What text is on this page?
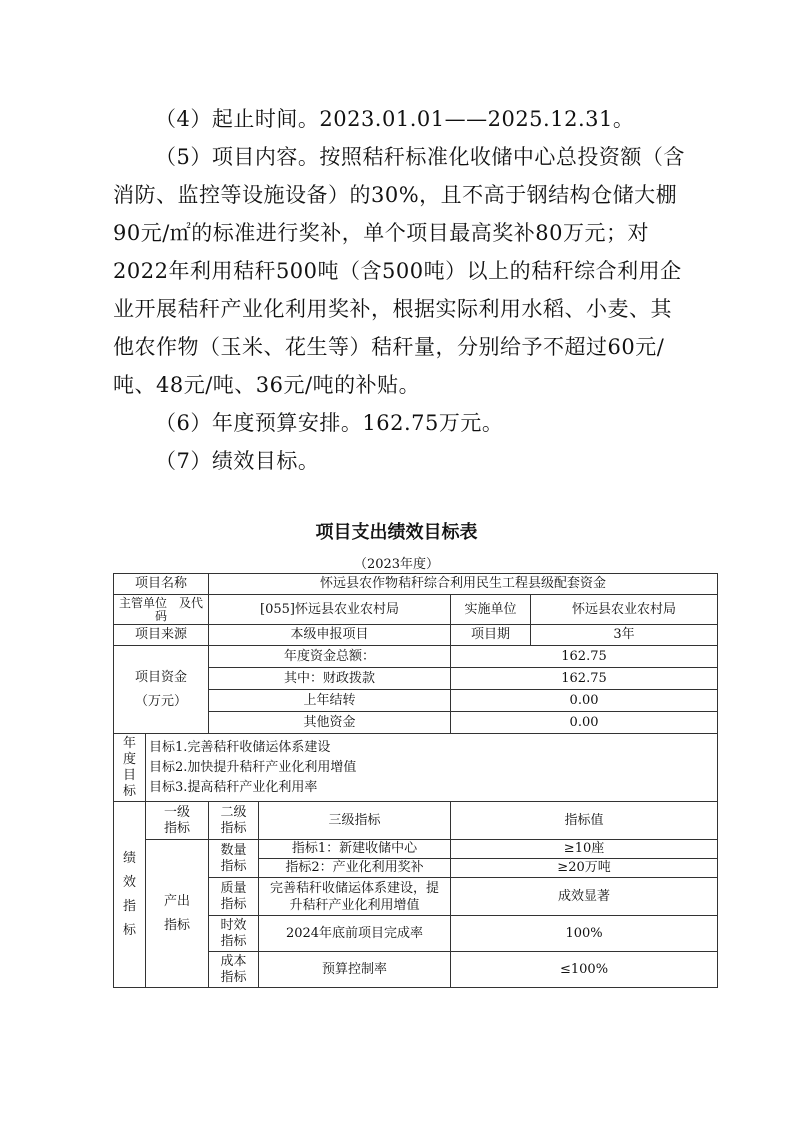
（4）起止时间。2023.01.01——2025.12.31。

（5）项目内容。按照秸秆标准化收储中心总投资额（含消防、监控等设施设备）的30%，且不高于钢结构仓储大棚90元/㎡的标准进行奖补，单个项目最高奖补80万元；对2022年利用秸秆500吨（含500吨）以上的秸秆综合利用企业开展秸秆产业化利用奖补，根据实际利用水稻、小麦、其他农作物（玉米、花生等）秸秆量，分别给予不超过60元/吨、48元/吨、36元/吨的补贴。

（6）年度预算安排。162.75万元。

（7）绩效目标。

项目支出绩效目标表
（2023年度）
项目名称		怀远县农作物秸秆综合利用民生工程县级配套资金			
主管单位　及代码		[055]怀远县农业农村局		实施单位	怀远县农业农村局
项目来源		本级申报项目		项目期	3年

项目资金
（万元）		年度资金总额：		162.75	
		其中：财政拨款		162.75	
		上年结转		0.00	
		其他资金		0.00	
年度目标	目标1.完善秸秆收储运体系建设
目标2.加快提升秸秆产业化利用增值
目标3.提高秸秆产业化利用率				

绩效指标	一级指标	二级指标	三级指标	指标值	
	产出指标	数量指标	指标1：新建收储中心	≥10座	
			指标2：产业化利用奖补	≥20万吨	
		质量指标	完善秸秆收储运体系建设，提升秸秆产业化利用增值	成效显著	
		时效指标	2024年底前项目完成率	100%	
		成本指标	预算控制率	≤100%	
